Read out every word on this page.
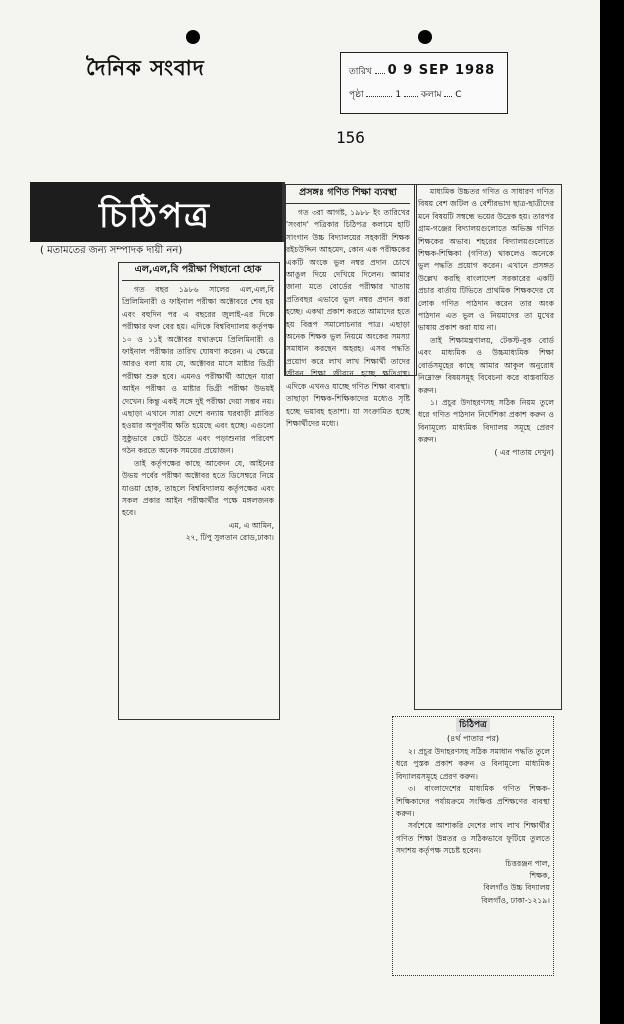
দৈনিক সংবাদ	তারিখ 0 9 SEP 1988
পৃষ্ঠা	1 কলাম C
156
চিঠিপত্র
( মতামতের জন্য সম্পাদক দায়ী নন)
এল,এল,বি পরীক্ষা পিছানো হোক

গত বছর ১৯৮৬ সালের এল,এল,বি প্রিলিমিনারী ও ফাইনাল পরীক্ষা অক্টোবরে শেষ হয় এবং বহুদিন পর এ বছরের জুলাই-এর দিকে পরীক্ষার ফল বের হয়। এদিকে বিশ্ববিদ্যালয় কর্তৃপক্ষ ১০ ও ১১ই অক্টোবর যথাক্রমে প্রিলিমিনারী ও ফাইনাল পরীক্ষার তারিখ ঘোষণা করেন। এ ক্ষেত্রে আরও বলা যায় যে, অক্টোবর মাসে মাষ্টার ডিগ্রী পরীক্ষা শুরু হবে। এমনও পরীক্ষার্থী আছেন যারা আইন পরীক্ষা ও মাষ্টার ডিগ্রী পরীক্ষা উভয়ই দেখেন। কিন্তু একই সঙ্গে দুই পরীক্ষা দেয়া সম্ভব নয়। এছাড়া এখানে সারা দেশে বন্যায় ঘরবাড়ী প্লাবিত হওয়ার অপূরণীয় ক্ষতি হয়েছে এবং হচ্ছে। এগুলো সুষ্ঠুভাবে কেটে উঠতে এবং পড়াশুনার পরিবেশ গঠন করতে অনেক সময়ের প্রয়োজন।

তাই কর্তৃপক্ষের কাছে আবেদন যে, আইনের উভয় পর্বের পরীক্ষা অক্টোবর হতে ডিসেম্বরে নিয়ে যাওয়া হোক, তাহলে বিশ্ববিদ্যালয় কর্তৃপক্ষের এবং সকল প্রকার আইন পরীক্ষার্থীর পক্ষে মঙ্গলজনক হবে।

এম, এ আমিন,

২৭, টিপু সুলতান রোড,ঢাকা।

প্রসঙ্গঃ গণিত শিক্ষা ব্যবস্থা

গত ৩রা আগষ্ট, ১৯৮৮ ইং তারিখের 'সংবাদ' পত্রিকার চিঠিপত্র কলামে হাটি সাংগান উচ্চ বিদ্যালয়ের সহকারী শিক্ষক রইচউদ্দিন আহমেদ, কোন এক পরীক্ষকের একটি অংকে ভুল নম্বর প্রদান চোখে আঙুল দিয়ে দেখিয়ে দিলেন। আমার জানা মতে বোর্ডের পরীক্ষার খাতায় প্রতিবছর এভাবে ভুল নম্বর প্রদান করা হচ্ছে। একথা প্রকাশ করতে আমাদের হতে হয় বিরূপ সমালোচনার পাত্র। এছাড়া অনেক শিক্ষক ভুল নিয়মে অংকের সমস্যা সমাধান করছেন অহরহ। এসব পদ্ধতি প্রয়োগ করে লাখ লাখ শিক্ষার্থী তাদের জীবন শিক্ষা জীবনে হচ্ছে ক্ষতিগ্রস্থ। এদিকে এখনও যাচ্ছে গণিত শিক্ষা ব্যবস্থা। তাছাড়া শিক্ষক-শিক্ষিকাদের মধ্যেও সৃষ্টি হচ্ছে ভয়াবহ হতাশা। যা সংক্রামিত হচ্ছে শিক্ষার্থীদের মধ্যে।

মাধ্যমিক উচ্চতর গণিত ও সাধারণ গণিত বিষয় বেশ জটিল ও বেশীরভাগ ছাত্র-ছাত্রীদের মনে বিষয়টি সম্বন্ধে ভয়ের উদ্রেক হয়। তারপর গ্রাম-গঞ্জের বিদ্যালয়গুলোতে অভিজ্ঞ গণিত শিক্ষকের অভাব। শহরের বিদ্যালয়গুলোতে শিক্ষক-শিক্ষিকা (গণিত) থাকলেও অনেকে ভুল পদ্ধতি প্রয়োগ করেন। এখানে প্রসঙ্গত উল্লেখ করছি বাংলাদেশ সরকারের একটি প্রচার বার্তায় টিভিতে প্রাথমিক শিক্ষকদের যে লোক গণিত পাঠদান করেন তার অংক পাঠদান এত ভুল ও নিয়মাদের তা মুখের ভাষায় প্রকাশ করা যায় না।

তাই শিক্ষামন্ত্রণালয়, টেকস্ট-বুক বোর্ড এবং মাধ্যমিক ও উচ্চমাধ্যমিক শিক্ষা বোর্ডসমূহের কাছে আমার আকুল অনুরোধ নিম্নোক্ত বিষয়সমূহ বিবেচনা করে বাস্তবায়িত করুন।

১। প্রচুর উদাহরণসহ সঠিক নিয়ম তুলে ধরে গণিত পাঠদান নির্দেশিকা প্রকাশ করুন ও বিনামূল্যে মাধ্যমিক বিদ্যালয় সমূহে প্রেরণ করুন।

( এর পাতায় দেখুন)

চিঠিপত্র
(৪র্থ পাতার পর)

২। প্রচুর উদাহরণসহ সঠিক সমাধান পদ্ধতি তুলে ধরে পুস্তক প্রকাশ করুন ও বিনামূল্যে মাধ্যমিক বিদ্যালয়সমূহে প্রেরণ করুন।

৩। বাংলাদেশের মাধ্যমিক গণিত শিক্ষক-শিক্ষিকাদের পর্যায়ক্রমে সংক্ষিপ্ত প্রশিক্ষণের ব্যবস্থা করুন।

সর্বশেষে আশাকরি দেশের লাখ লাখ শিক্ষার্থীর গণিত শিক্ষা উন্নতর ও সঠিকভাবে ফুটিয়ে তুলতে সদাশয় কর্তৃপক্ষ সচেষ্ট হবেন।

চিত্তরঞ্জন পাল,

শিক্ষক,

বিলগাঁও উচ্চ বিদ্যালয়

বিলগাঁও, ঢাকা-১২১৯।
